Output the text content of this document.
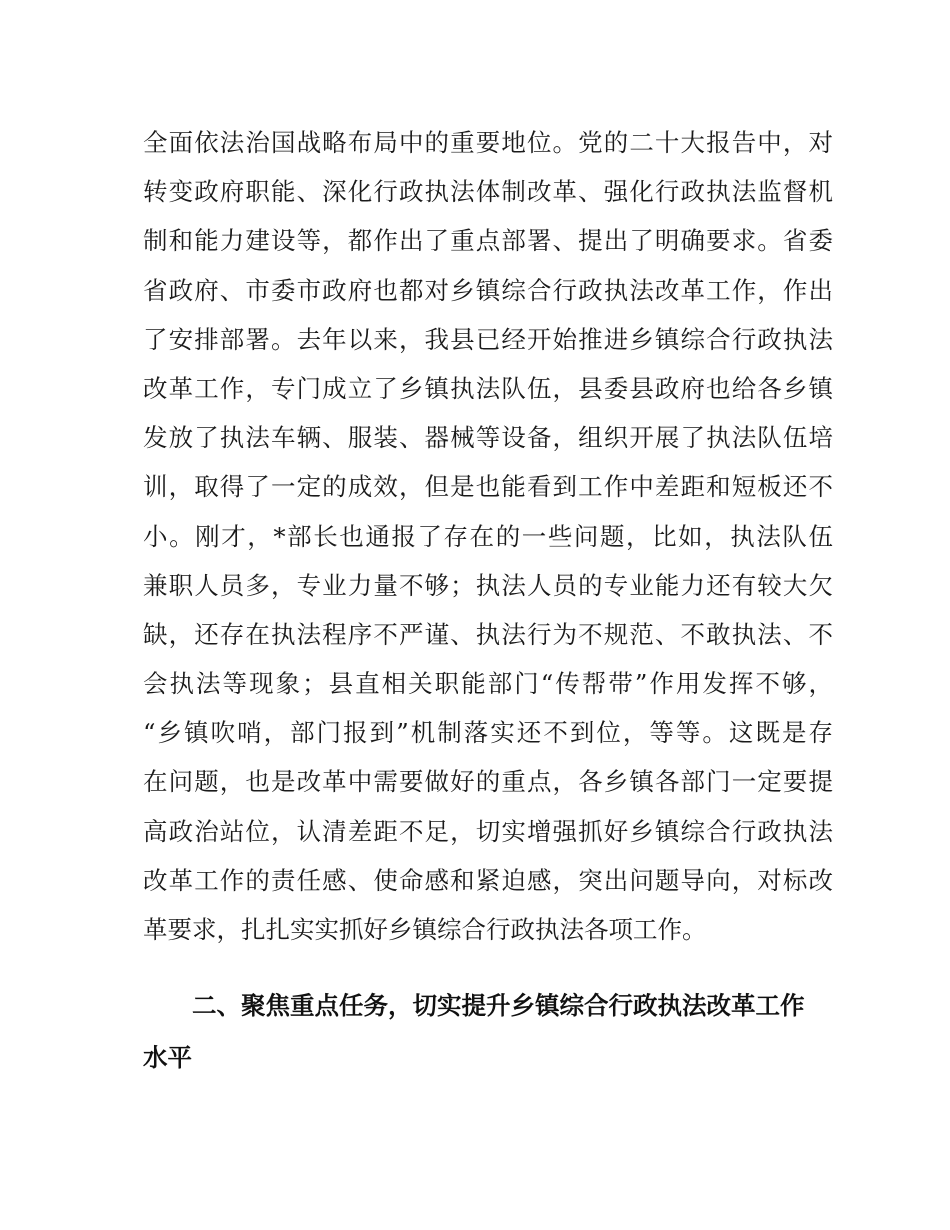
全面依法治国战略布局中的重要地位。党的二十大报告中，对
转变政府职能、深化行政执法体制改革、强化行政执法监督机
制和能力建设等，都作出了重点部署、提出了明确要求。省委
省政府、市委市政府也都对乡镇综合行政执法改革工作，作出
了安排部署。去年以来，我县已经开始推进乡镇综合行政执法
改革工作，专门成立了乡镇执法队伍，县委县政府也给各乡镇
发放了执法车辆、服装、器械等设备，组织开展了执法队伍培
训，取得了一定的成效，但是也能看到工作中差距和短板还不
小。刚才，*部长也通报了存在的一些问题，比如，执法队伍
兼职人员多，专业力量不够；执法人员的专业能力还有较大欠
缺，还存在执法程序不严谨、执法行为不规范、不敢执法、不
会执法等现象；县直相关职能部门“传帮带”作用发挥不够，
“乡镇吹哨，部门报到”机制落实还不到位，等等。这既是存
在问题，也是改革中需要做好的重点，各乡镇各部门一定要提
高政治站位，认清差距不足，切实增强抓好乡镇综合行政执法
改革工作的责任感、使命感和紧迫感，突出问题导向，对标改
革要求，扎扎实实抓好乡镇综合行政执法各项工作。
二、聚焦重点任务，切实提升乡镇综合行政执法改革工作
水平
